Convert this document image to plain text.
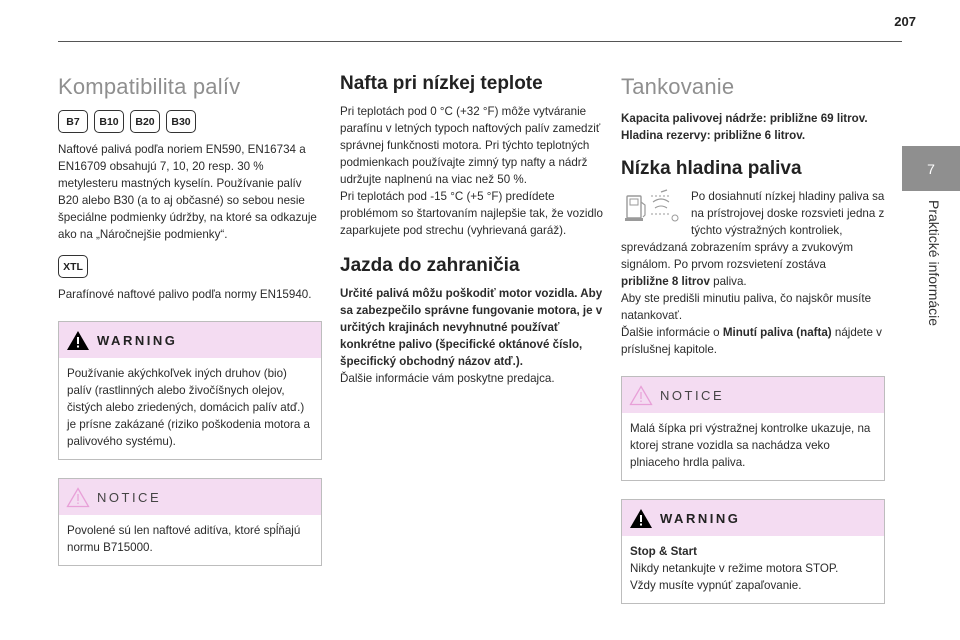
207
7
Praktické informácie
Kompatibilita palív
B7	B10	B20	B30

Naftové palivá podľa noriem EN590, EN16734 a EN16709 obsahujú 7, 10, 20 resp. 30 % metylesteru mastných kyselín. Používanie palív B20 alebo B30 (a to aj občasné) so sebou nesie špeciálne podmienky údržby, na ktoré sa odkazuje ako na „Náročnejšie podmienky“.

XTL

Parafínové naftové palivo podľa normy EN15940.

WARNING
Používanie akýchkoľvek iných druhov (bio) palív (rastlinných alebo živočíšnych olejov, čistých alebo zriedených, domácich palív atď.) je prísne zakázané (riziko poškodenia motora a palivového systému).
NOTICE
Povolené sú len naftové aditíva, ktoré spĺňajú normu B715000.
Nafta pri nízkej teplote

Pri teplotách pod 0 °C (+32 °F) môže vytváranie parafínu v letných typoch naftových palív zamedziť správnej funkčnosti motora. Pri týchto teplotných podmienkach používajte zimný typ nafty a nádrž udržujte naplnenú na viac než 50 %.

Pri teplotách pod -15 °C (+5 °F) predídete problémom so štartovaním najlepšie tak, že vozidlo zaparkujete pod strechu (vyhrievaná garáž).

Jazda do zahraničia

Určité palivá môžu poškodiť motor vozidla. Aby sa zabezpečilo správne fungovanie motora, je v určitých krajinách nevyhnutné používať konkrétne palivo (špecifické oktánové číslo, špecifický obchodný názov atď.).

Ďalšie informácie vám poskytne predajca.

Tankovanie

Kapacita palivovej nádrže: približne 69 litrov.

Hladina rezervy: približne 6 litrov.

Nízka hladina paliva

Po dosiahnutí nízkej hladiny paliva sa na prístrojovej doske rozsvieti jedna z týchto výstražných kontroliek, sprevádzaná zobrazením správy a zvukovým signálom. Po prvom rozsvietení zostáva
približne 8 litrov paliva.

Aby ste predišli minutiu paliva, čo najskôr musíte natankovať.

Ďalšie informácie o Minutí paliva (nafta) nájdete v príslušnej kapitole.

NOTICE
Malá šípka pri výstražnej kontrolke ukazuje, na ktorej strane vozidla sa nachádza veko plniaceho hrdla paliva.
WARNING
Stop & Start
Nikdy netankujte v režime motora STOP.
Vždy musíte vypnúť zapaľovanie.
